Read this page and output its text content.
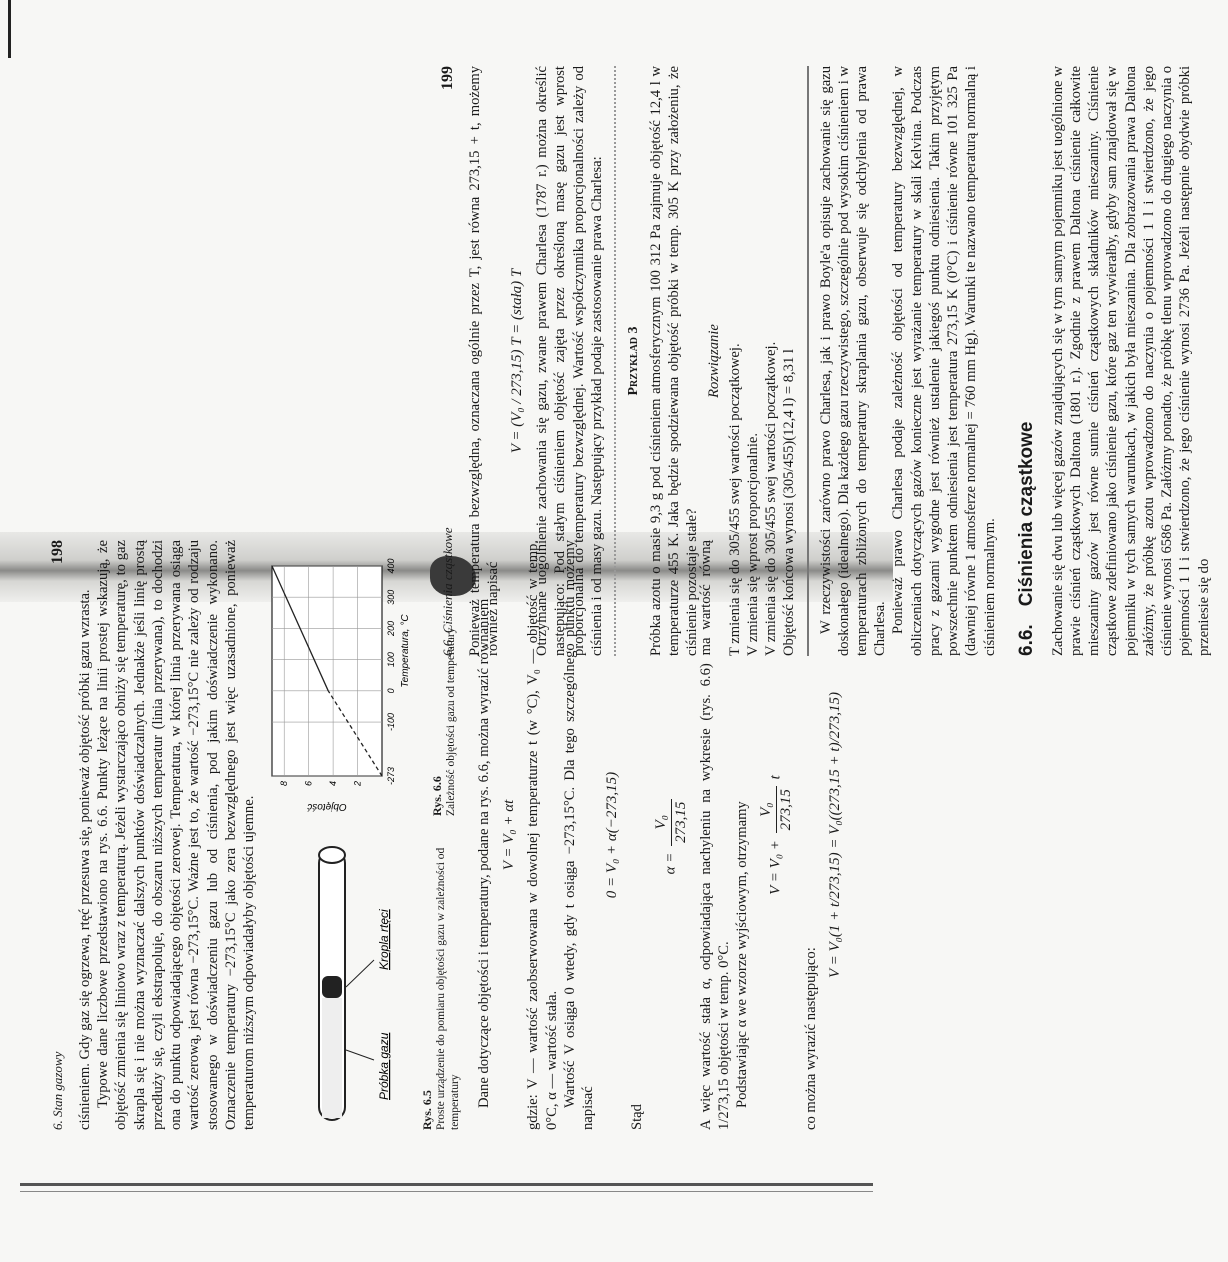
6. Stan gazowy
198

ciśnieniem. Gdy gaz się ogrzewa, rtęć przesuwa się, ponieważ objętość próbki gazu wzrasta. Typowe dane liczbowe przedstawiono na rys. 6.6. Punkty leżące na linii prostej wskazują, że objętość zmienia się liniowo wraz z temperaturą. Jeżeli wystarczająco obniży się temperaturę, to gaz skrapla się i nie można wyznaczać dalszych punktów doświadczalnych. Jednakże jeśli linię prostą przedłuży się, czyli ekstrapoluje, do obszaru niższych temperatur (linia przerywana), to dochodzi ona do punktu odpowiadającego objętości zerowej. Temperatura, w której linia przerywana osiąga wartość zerową, jest równa −273,15°C. Ważne jest to, że wartość −273,15°C nie zależy od rodzaju stosowanego w doświadczeniu gazu lub od ciśnienia, pod jakim doświadczenie wykonano. Oznaczenie temperatury −273,15°C jako zera bezwzględnego jest więc uzasadnione, ponieważ temperaturom niższym odpowiadałyby objętości ujemne.	Próbka gazu
Kropla rtęci
Rys. 6.5 Proste urządzenie do pomiaru objętości gazu w zależności od temperatury
-273
-100
0
100
200
300
400
2
4
6
8
Temperatura, °C
Objętość	Rys. 6.6 Zależność objętości gazu od temperatury Dane dotyczące objętości i temperatury, podane na rys. 6.6, można wyrazić równaniem V = V₀ + αt gdzie: V — wartość zaobserwowana w dowolnej temperaturze t (w °C), V₀ — objętość w temp. 0°C, α — wartość stała. Wartość V osiąga 0 wtedy, gdy t osiąga −273,15°C. Dla tego szczególnego punktu możemy napisać

0 = V₀ + α(−273,15)

Stąd

α =
V₀ 273,15 A więc wartość stała α, odpowiadająca nachyleniu na wykresie (rys. 6.6) ma wartość równą 1/273,15 objętości w temp. 0°C. Podstawiając α we wzorze wyjściowym, otrzymamy	V = V₀ +
V₀ 273,15
t

co można wyrazić następująco:

V = V₀(1 + t/273,15) = V₀((273,15 + t)/273,15)
6.6. Ciśnienia cząstkowe
199 Ponieważ temperatura bezwzględna, oznaczana ogólnie przez T, jest równa 273,15 + t, możemy również napisać

V = (V₀ / 273,15) T = (stała) T Otrzymane uogólnienie zachowania się gazu, zwane prawem Charlesa (1787 r.) można określić następująco: Pod stałym ciśnieniem objętość zajęta przez określoną masę gazu jest wprost proporcjonalna do temperatury bezwzględnej. Wartość współczynnika proporcjonalności zależy od ciśnienia i od masy gazu. Następujący przykład podaje zastosowanie prawa Charlesa: Przykład 3 Próbka azotu o masie 9,3 g pod ciśnieniem atmosferycznym 100 312 Pa zajmuje objętość 12,4 l w temperaturze 455 K. Jaka będzie spodziewana objętość próbki w temp. 305 K przy założeniu, że ciśnienie pozostaje stałe?

Rozwiązanie T zmienia się do 305/455 swej wartości początkowej. V zmienia się wprost proporcjonalnie. V zmienia się do 305/455 swej wartości początkowej. Objętość końcowa wynosi (305/455)(12,4 l) = 8,31 l W rzeczywistości zarówno prawo Charlesa, jak i prawo Boyle'a opisuje zachowanie się gazu doskonałego (idealnego). Dla każdego gazu rzeczywistego, szczególnie pod wysokim ciśnieniem i w temperaturach zbliżonych do temperatury skraplania gazu, obserwuje się odchylenia od prawa Charlesa. Ponieważ prawo Charlesa podaje zależność objętości od temperatury bezwzględnej, w obliczeniach dotyczących gazów konieczne jest wyrażanie temperatury w skali Kelvina. Podczas pracy z gazami wygodne jest również ustalenie jakiegoś punktu odniesienia. Takim przyjętym powszechnie punktem odniesienia jest temperatura 273,15 K (0°C) i ciśnienie równe 101 325 Pa (dawniej równe 1 atmosferze normalnej = 760 mm Hg). Warunki te nazwano temperaturą normalną i ciśnieniem normalnym. 6.6.
Ciśnienia cząstkowe Zachowanie się dwu lub więcej gazów znajdujących się w tym samym pojemniku jest uogólnione w prawie ciśnień cząstkowych Daltona (1801 r.). Zgodnie z prawem Daltona ciśnienie całkowite mieszaniny gazów jest równe sumie ciśnień cząstkowych składników mieszaniny. Ciśnienie cząstkowe zdefiniowano jako ciśnienie gazu, które gaz ten wywierałby, gdyby sam znajdował się w pojemniku w tych samych warunkach, w jakich była mieszanina. Dla zobrazowania prawa Daltona załóżmy, że próbkę azotu wprowadzono do naczynia o pojemności 1 l i stwierdzono, że jego ciśnienie wynosi 6586 Pa. Załóżmy ponadto, że próbkę tlenu wprowadzono do drugiego naczynia o pojemności 1 l i stwierdzono, że jego ciśnienie wynosi 2736 Pa. Jeżeli następnie obydwie próbki przeniesie się do
